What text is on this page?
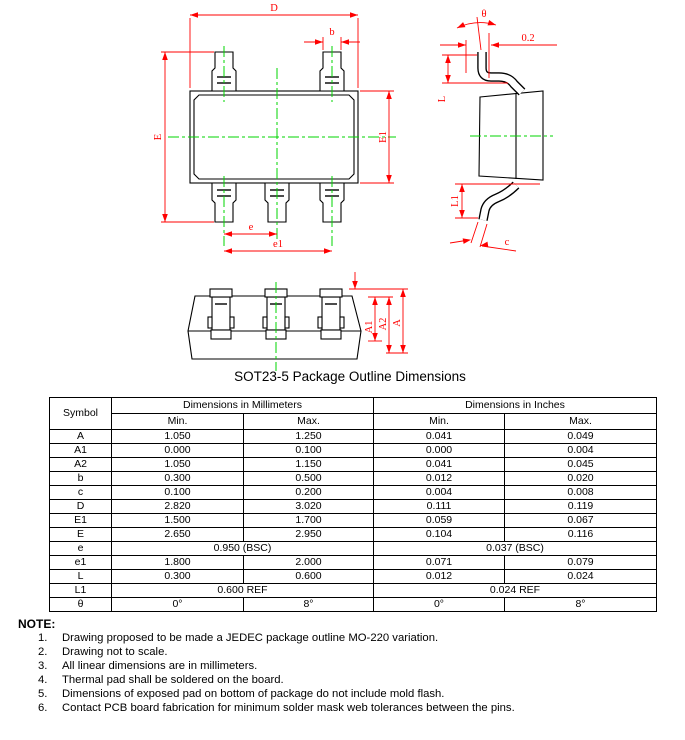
D
b
E	E1
e
e1
θ
0.2
L
L1
c
A1 A2 A
SOT23-5 Package Outline Dimensions
Symbol	Dimensions in Millimeters		Dimensions in Inches	
	Min.	Max.	Min.	Max.
A	1.050	1.250	0.041	0.049
A1	0.000	0.100	0.000	0.004
A2	1.050	1.150	0.041	0.045
b	0.300	0.500	0.012	0.020
c	0.100	0.200	0.004	0.008
D	2.820	3.020	0.111	0.119
E1	1.500	1.700	0.059	0.067
E	2.650	2.950	0.104	0.116
e	0.950 (BSC)		0.037 (BSC)	
e1	1.800	2.000	0.071	0.079
L	0.300	0.600	0.012	0.024
L1	0.600 REF		0.024 REF	
θ	0°	8°	0°	8°
NOTE:
1.	Drawing proposed to be made a JEDEC package outline MO-220 variation.
2.	Drawing not to scale.
3.	All linear dimensions are in millimeters.
4.	Thermal pad shall be soldered on the board.
5.	Dimensions of exposed pad on bottom of package do not include mold flash.
6.	Contact PCB board fabrication for minimum solder mask web tolerances between the pins.
